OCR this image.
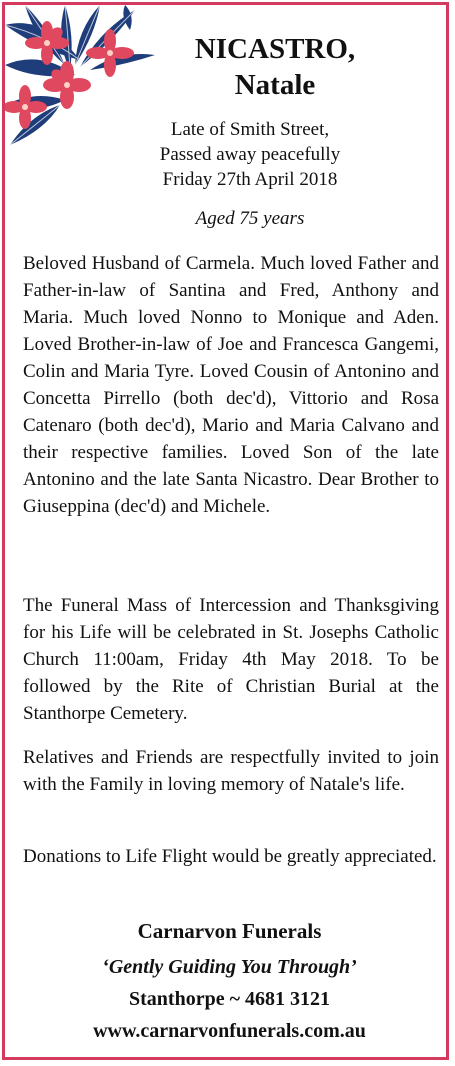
NICASTRO,
Natale
Late of Smith Street,
Passed away peacefully
Friday 27th April 2018
Aged 75 years

Beloved Husband of Carmela. Much loved Father and Father-in-law of Santina and Fred, Anthony and Maria. Much loved Nonno to Monique and Aden. Loved Brother-in-law of Joe and Francesca Gangemi, Colin and Maria Tyre. Loved Cousin of Antonino and Concetta Pirrello (both dec'd), Vittorio and Rosa Catenaro (both dec'd), Mario and Maria Calvano and their respective families. Loved Son of the late Antonino and the late Santa Nicastro. Dear Brother to Giuseppina (dec'd) and Michele.

The Funeral Mass of Intercession and Thanksgiving for his Life will be celebrated in St. Josephs Catholic Church 11:00am, Friday 4th May 2018. To be followed by the Rite of Christian Burial at the Stanthorpe Cemetery.

Relatives and Friends are respectfully invited to join with the Family in loving memory of Natale's life.

Donations to Life Flight would be greatly appreciated.

Carnarvon Funerals
‘Gently Guiding You Through’
Stanthorpe ~ 4681 3121
www.carnarvonfunerals.com.au
